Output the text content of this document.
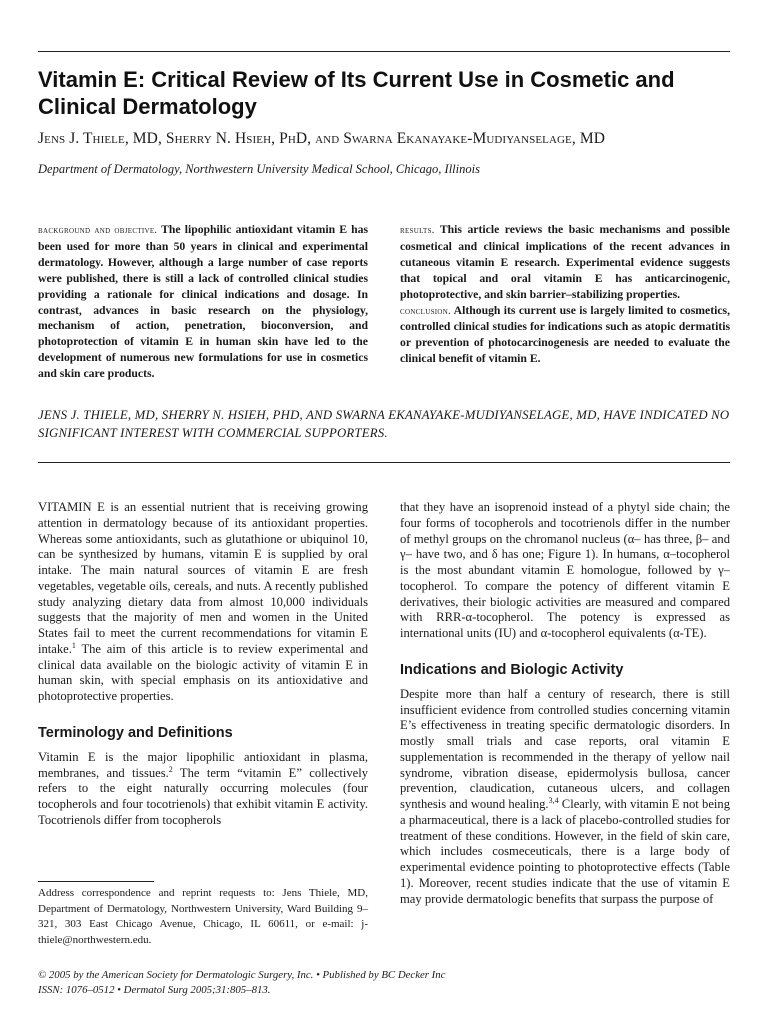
Vitamin E: Critical Review of Its Current Use in Cosmetic and Clinical Dermatology
Jens J. Thiele, MD, Sherry N. Hsieh, PhD, and Swarna Ekanayake-Mudiyanselage, MD
Department of Dermatology, Northwestern University Medical School, Chicago, Illinois

background and objective. The lipophilic antioxidant vitamin E has been used for more than 50 years in clinical and experimental dermatology. However, although a large number of case reports were published, there is still a lack of controlled clinical studies providing a rationale for clinical indications and dosage. In contrast, advances in basic research on the physiology, mechanism of action, penetration, bioconversion, and photoprotection of vitamin E in human skin have led to the development of numerous new formulations for use in cosmetics and skin care products.

results. This article reviews the basic mechanisms and possible cosmetical and clinical implications of the recent advances in cutaneous vitamin E research. Experimental evidence suggests that topical and oral vitamin E has anticarcinogenic, photoprotective, and skin barrier–stabilizing properties.

conclusion. Although its current use is largely limited to cosmetics, controlled clinical studies for indications such as atopic dermatitis or prevention of photocarcinogenesis are needed to evaluate the clinical benefit of vitamin E.

JENS J. THIELE, MD, SHERRY N. HSIEH, PHD, AND SWARNA EKANAYAKE-MUDIYANSELAGE, MD, HAVE INDICATED NO SIGNIFICANT INTEREST WITH COMMERCIAL SUPPORTERS.

VITAMIN E is an essential nutrient that is receiving growing attention in dermatology because of its antioxidant properties. Whereas some antioxidants, such as glutathione or ubiquinol 10, can be synthesized by humans, vitamin E is supplied by oral intake. The main natural sources of vitamin E are fresh vegetables, vegetable oils, cereals, and nuts. A recently published study analyzing dietary data from almost 10,000 individuals suggests that the majority of men and women in the United States fail to meet the current recommendations for vitamin E intake.$^1$ The aim of this article is to review experimental and clinical data available on the biologic activity of vitamin E in human skin, with special emphasis on its antioxidative and photoprotective properties.

Terminology and Definitions

Vitamin E is the major lipophilic antioxidant in plasma, membranes, and tissues.$^2$ The term “vitamin E” collectively refers to the eight naturally occurring molecules (four tocopherols and four tocotrienols) that exhibit vitamin E activity. Tocotrienols differ from tocopherols

that they have an isoprenoid instead of a phytyl side chain; the four forms of tocopherols and tocotrienols differ in the number of methyl groups on the chromanol nucleus (α– has three, β– and γ– have two, and δ has one; Figure 1). In humans, α–tocopherol is the most abundant vitamin E homologue, followed by γ–tocopherol. To compare the potency of different vitamin E derivatives, their biologic activities are measured and compared with RRR-α-tocopherol. The potency is expressed as international units (IU) and α-tocopherol equivalents (α-TE).

Indications and Biologic Activity

Despite more than half a century of research, there is still insufficient evidence from controlled studies concerning vitamin E’s effectiveness in treating specific dermatologic disorders. In mostly small trials and case reports, oral vitamin E supplementation is recommended in the therapy of yellow nail syndrome, vibration disease, epidermolysis bullosa, cancer prevention, claudication, cutaneous ulcers, and collagen synthesis and wound healing.$^{3,4}$ Clearly, with vitamin E not being a pharmaceutical, there is a lack of placebo-controlled studies for treatment of these conditions. However, in the field of skin care, which includes cosmeceuticals, there is a large body of experimental evidence pointing to photoprotective effects (Table 1). Moreover, recent studies indicate that the use of vitamin E may provide dermatologic benefits that surpass the purpose of

Address correspondence and reprint requests to: Jens Thiele, MD, Department of Dermatology, Northwestern University, Ward Building 9–321, 303 East Chicago Avenue, Chicago, IL 60611, or e-mail: j-thiele@northwestern.edu.

© 2005 by the American Society for Dermatologic Surgery, Inc. • Published by BC Decker Inc
ISSN: 1076–0512 • Dermatol Surg 2005;31:805–813.
